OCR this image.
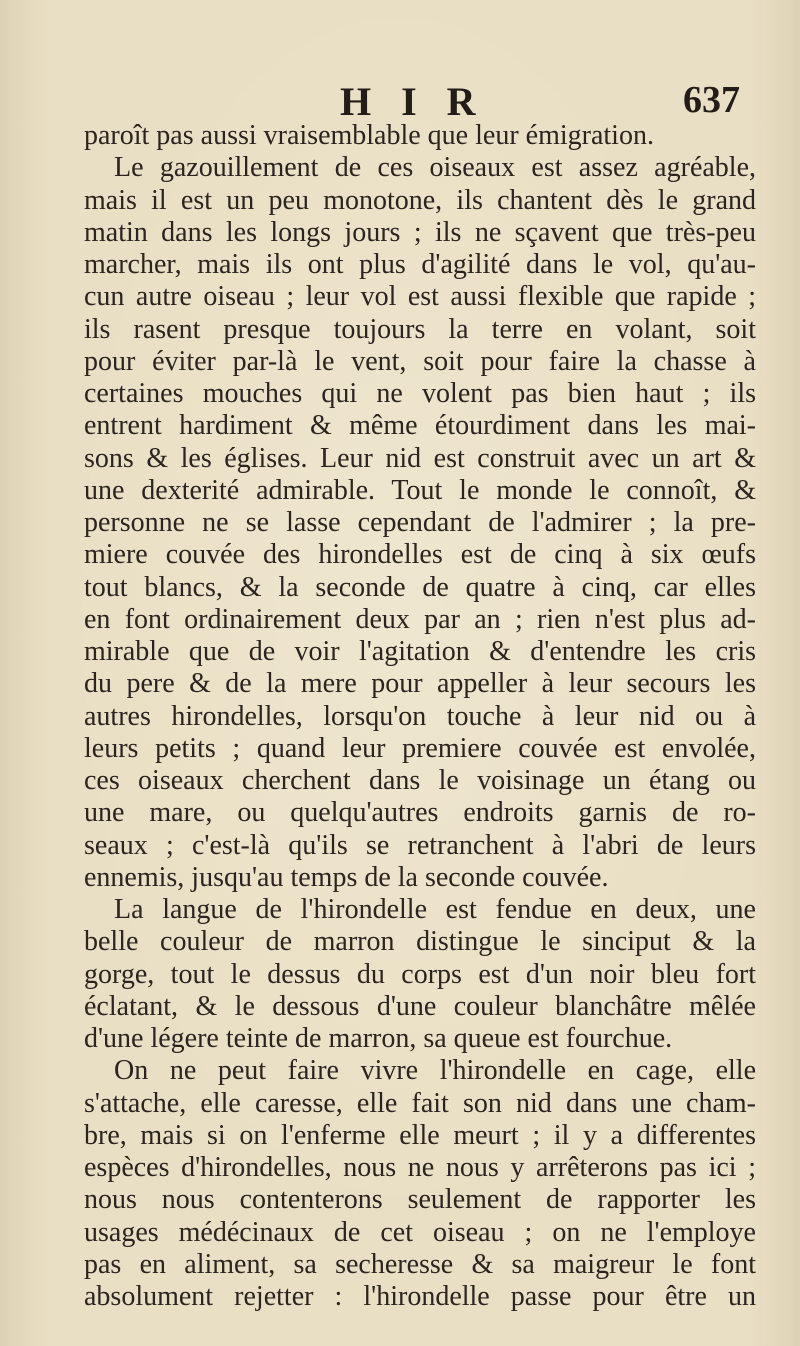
H I R	637
paroît pas aussi vraisemblable que leur émigration.
Le gazouillement de ces oiseaux est assez agréable,
mais il est un peu monotone, ils chantent dès le grand
matin dans les longs jours ; ils ne sçavent que très-peu
marcher, mais ils ont plus d'agilité dans le vol, qu'au-
cun autre oiseau ; leur vol est aussi flexible que rapide ;
ils rasent presque toujours la terre en volant, soit
pour éviter par-là le vent, soit pour faire la chasse à
certaines mouches qui ne volent pas bien haut ; ils
entrent hardiment & même étourdiment dans les mai-
sons & les églises. Leur nid est construit avec un art &
une dexterité admirable. Tout le monde le connoît, &
personne ne se lasse cependant de l'admirer ; la pre-
miere couvée des hirondelles est de cinq à six œufs
tout blancs, & la seconde de quatre à cinq, car elles
en font ordinairement deux par an ; rien n'est plus ad-
mirable que de voir l'agitation & d'entendre les cris
du pere & de la mere pour appeller à leur secours les
autres hirondelles, lorsqu'on touche à leur nid ou à
leurs petits ; quand leur premiere couvée est envolée,
ces oiseaux cherchent dans le voisinage un étang ou
une mare, ou quelqu'autres endroits garnis de ro-
seaux ; c'est-là qu'ils se retranchent à l'abri de leurs
ennemis, jusqu'au temps de la seconde couvée.
La langue de l'hirondelle est fendue en deux, une
belle couleur de marron distingue le sinciput & la
gorge, tout le dessus du corps est d'un noir bleu fort
éclatant, & le dessous d'une couleur blanchâtre mêlée
d'une légere teinte de marron, sa queue est fourchue.
On ne peut faire vivre l'hirondelle en cage, elle
s'attache, elle caresse, elle fait son nid dans une cham-
bre, mais si on l'enferme elle meurt ; il y a differentes
espèces d'hirondelles, nous ne nous y arrêterons pas ici ;
nous nous contenterons seulement de rapporter les
usages médécinaux de cet oiseau ; on ne l'employe
pas en aliment, sa secheresse & sa maigreur le font
absolument rejetter : l'hirondelle passe pour être un
